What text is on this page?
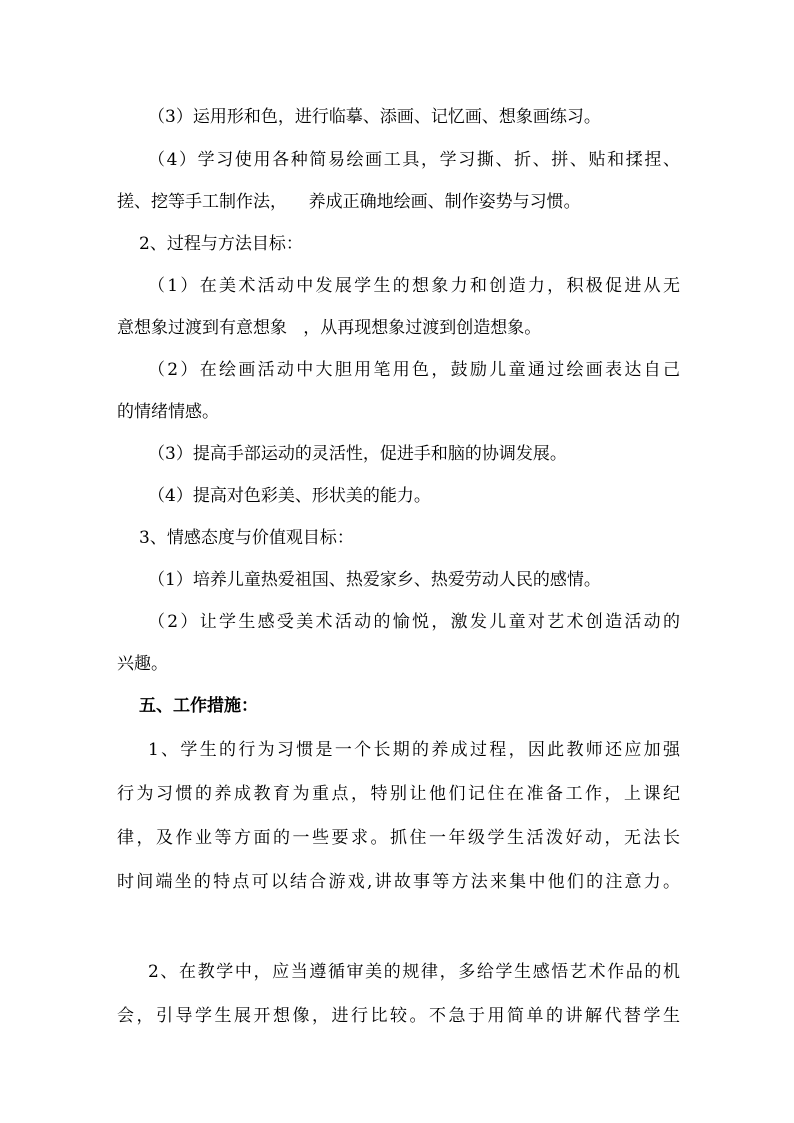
（3）运用形和色，进行临摹、添画、记忆画、想象画练习。
（4）学习使用各种简易绘画工具，学习撕、折、拼、贴和揉捏、
搓、挖等手工制作法，    养成正确地绘画、制作姿势与习惯。
2、过程与方法目标：
（1）在美术活动中发展学生的想象力和创造力，积极促进从无
意想象过渡到有意想象   ，从再现想象过渡到创造想象。
（2）在绘画活动中大胆用笔用色，鼓励儿童通过绘画表达自己
的情绪情感。
（3）提高手部运动的灵活性，促进手和脑的协调发展。
（4）提高对色彩美、形状美的能力。
3、情感态度与价值观目标：
（1）培养儿童热爱祖国、热爱家乡、热爱劳动人民的感情。
（2）让学生感受美术活动的愉悦，激发儿童对艺术创造活动的
兴趣。
五、工作措施：
1、学生的行为习惯是一个长期的养成过程，因此教师还应加强
行为习惯的养成教育为重点，特别让他们记住在准备工作，上课纪
律，及作业等方面的一些要求。抓住一年级学生活泼好动，无法长
时间端坐的特点可以结合游戏,讲故事等方法来集中他们的注意力。
2、在教学中，应当遵循审美的规律，多给学生感悟艺术作品的机
会，引导学生展开想像，进行比较。不急于用简单的讲解代替学生
